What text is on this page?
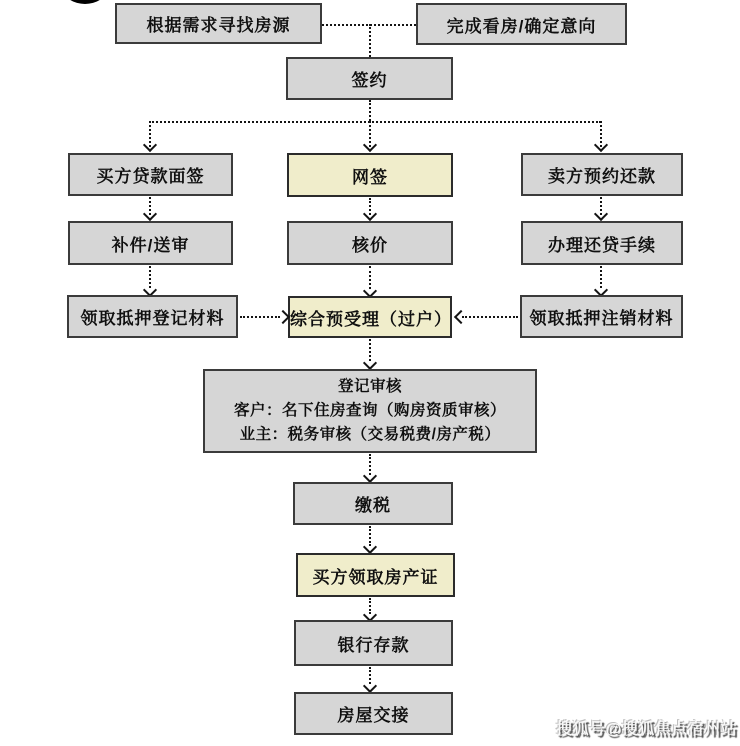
根据需求寻找房源	完成看房/确定意向
签约
买方贷款面签	网签	卖方预约还款
补件/送审	核价	办理还贷手续
领取抵押登记材料	综合预受理（过户）	领取抵押注销材料
登记审核
客户：名下住房查询（购房资质审核）
业主：税务审核（交易税费/房产税）
缴税
买方领取房产证
银行存款
房屋交接
搜狐号@搜狐焦点宿州站
